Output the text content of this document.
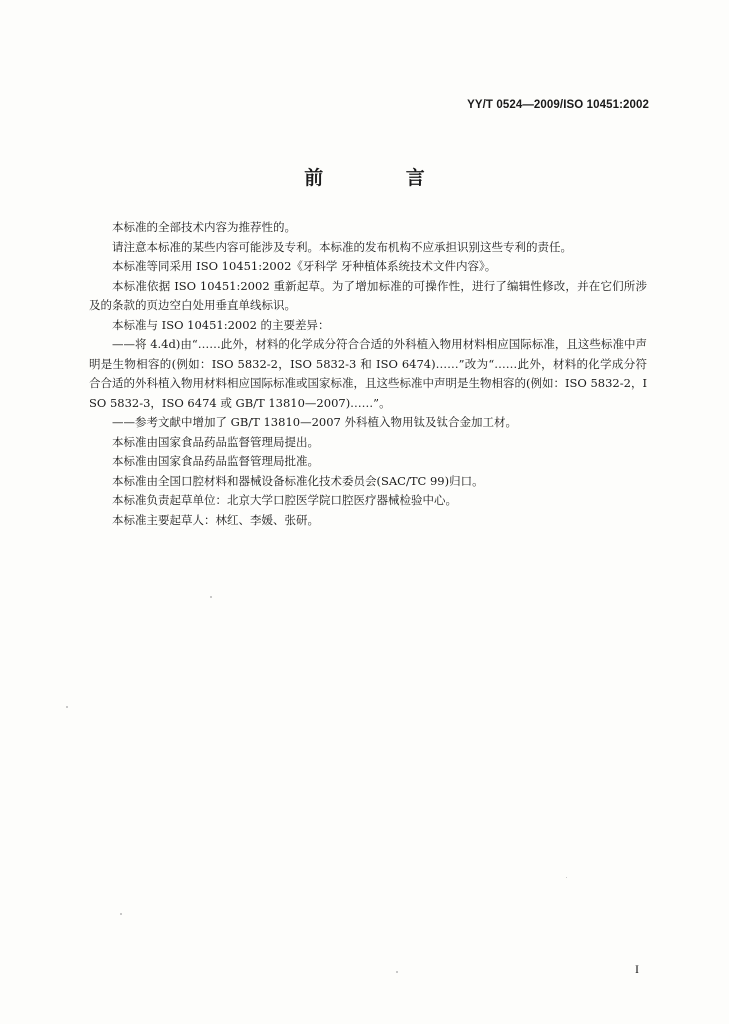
YY/T 0524—2009/ISO 10451:2002
前 言

本标准的全部技术内容为推荐性的。

请注意本标准的某些内容可能涉及专利。本标准的发布机构不应承担识别这些专利的责任。

本标准等同采用 ISO 10451:2002《牙科学 牙种植体系统技术文件内容》。

本标准依据 ISO 10451:2002 重新起草。为了增加标准的可操作性，进行了编辑性修改，并在它们所涉及的条款的页边空白处用垂直单线标识。

本标准与 ISO 10451:2002 的主要差异：

——将 4.4d)由“……此外，材料的化学成分符合合适的外科植入物用材料相应国际标准，且这些标准中声明是生物相容的(例如：ISO 5832-2，ISO 5832-3 和 ISO 6474)……”改为“……此外，材料的化学成分符合合适的外科植入物用材料相应国际标准或国家标准，且这些标准中声明是生物相容的(例如：ISO 5832-2，ISO 5832-3，ISO 6474 或 GB/T 13810—2007)……”。

——参考文献中增加了 GB/T 13810—2007 外科植入物用钛及钛合金加工材。

本标准由国家食品药品监督管理局提出。

本标准由国家食品药品监督管理局批准。

本标准由全国口腔材料和器械设备标准化技术委员会(SAC/TC 99)归口。

本标准负责起草单位：北京大学口腔医学院口腔医疗器械检验中心。

本标准主要起草人：林红、李媛、张研。

I
